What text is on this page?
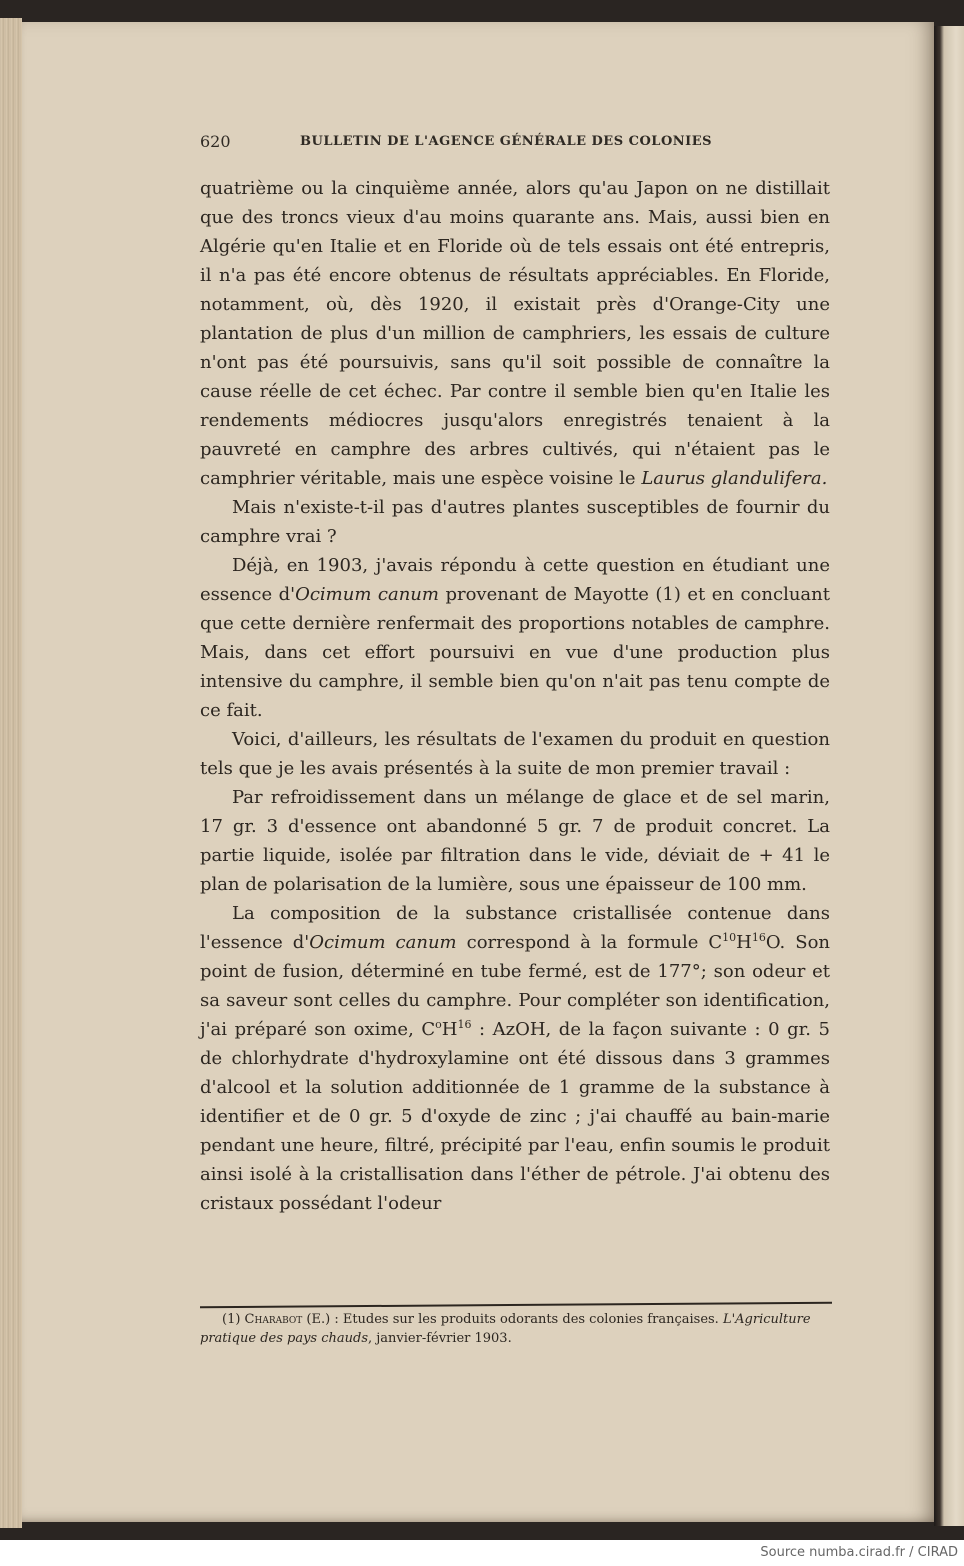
620	BULLETIN DE L'AGENCE GÉNÉRALE DES COLONIES

quatrième ou la cinquième année, alors qu'au Japon on ne distillait que des troncs vieux d'au moins quarante ans. Mais, aussi bien en Algérie qu'en Italie et en Floride où de tels essais ont été entrepris, il n'a pas été encore obtenus de résultats appréciables. En Floride, notamment, où, dès 1920, il existait près d'Orange-City une plantation de plus d'un million de camphriers, les essais de culture n'ont pas été poursuivis, sans qu'il soit possible de connaître la cause réelle de cet échec. Par contre il semble bien qu'en Italie les rendements médiocres jusqu'alors enregistrés tenaient à la pauvreté en camphre des arbres cultivés, qui n'étaient pas le camphrier véritable, mais une espèce voisine le Laurus glandulifera.

Mais n'existe-t-il pas d'autres plantes susceptibles de fournir du camphre vrai ?

Déjà, en 1903, j'avais répondu à cette question en étudiant une essence d'Ocimum canum provenant de Mayotte (1) et en concluant que cette dernière renfermait des proportions notables de camphre. Mais, dans cet effort poursuivi en vue d'une production plus intensive du camphre, il semble bien qu'on n'ait pas tenu compte de ce fait.

Voici, d'ailleurs, les résultats de l'examen du produit en question tels que je les avais présentés à la suite de mon premier travail :

Par refroidissement dans un mélange de glace et de sel marin, 17 gr. 3 d'essence ont abandonné 5 gr. 7 de produit concret. La partie liquide, isolée par filtration dans le vide, déviait de + 41 le plan de polarisation de la lumière, sous une épaisseur de 100 mm.

La composition de la substance cristallisée contenue dans l'essence d'Ocimum canum correspond à la formule $C^{10}H^{16}O$. Son point de fusion, déterminé en tube fermé, est de 177°; son odeur et sa saveur sont celles du camphre. Pour compléter son identification, j'ai préparé son oxime, $C^oH^{16}$ : AzOH, de la façon suivante : 0 gr. 5 de chlorhydrate d'hydroxylamine ont été dissous dans 3 grammes d'alcool et la solution additionnée de 1 gramme de la substance à identifier et de 0 gr. 5 d'oxyde de zinc ; j'ai chauffé au bain-marie pendant une heure, filtré, précipité par l'eau, enfin soumis le produit ainsi isolé à la cristallisation dans l'éther de pétrole. J'ai obtenu des cristaux possédant l'odeur

(1) Charabot (E.) : Etudes sur les produits odorants des colonies françaises. L'Agriculture pratique des pays chauds, janvier-février 1903.

Source numba.cirad.fr / CIRAD
